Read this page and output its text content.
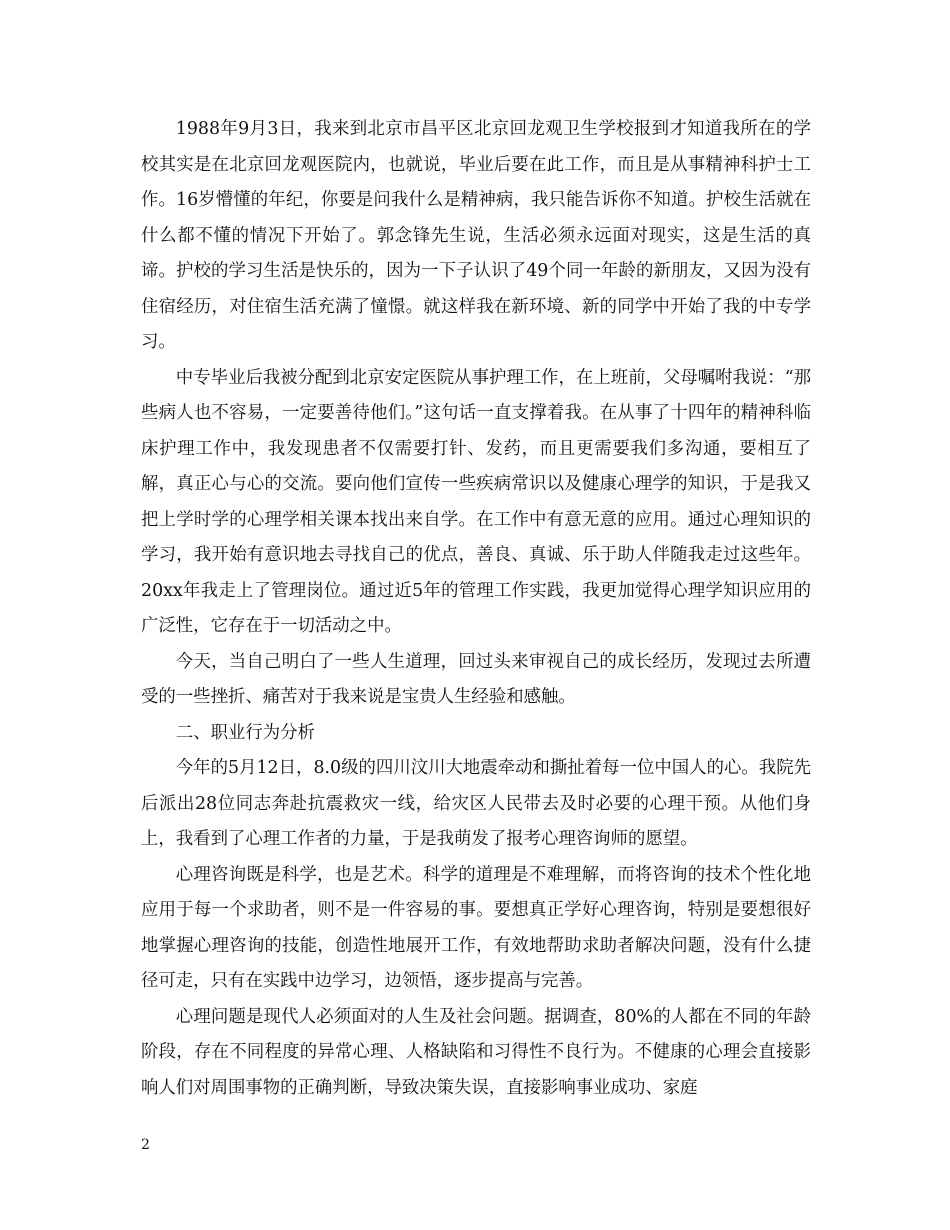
1988年9月3日，我来到北京市昌平区北京回龙观卫生学校报到才知道我所在的学校其实是在北京回龙观医院内，也就说，毕业后要在此工作，而且是从事精神科护士工作。16岁懵懂的年纪，你要是问我什么是精神病，我只能告诉你不知道。护校生活就在什么都不懂的情况下开始了。郭念锋先生说，生活必须永远面对现实，这是生活的真谛。护校的学习生活是快乐的，因为一下子认识了49个同一年龄的新朋友，又因为没有住宿经历，对住宿生活充满了憧憬。就这样我在新环境、新的同学中开始了我的中专学习。

中专毕业后我被分配到北京安定医院从事护理工作，在上班前，父母嘱咐我说：“那些病人也不容易，一定要善待他们。”这句话一直支撑着我。在从事了十四年的精神科临床护理工作中，我发现患者不仅需要打针、发药，而且更需要我们多沟通，要相互了解，真正心与心的交流。要向他们宣传一些疾病常识以及健康心理学的知识，于是我又把上学时学的心理学相关课本找出来自学。在工作中有意无意的应用。通过心理知识的学习，我开始有意识地去寻找自己的优点，善良、真诚、乐于助人伴随我走过这些年。20xx年我走上了管理岗位。通过近5年的管理工作实践，我更加觉得心理学知识应用的广泛性，它存在于一切活动之中。

今天，当自己明白了一些人生道理，回过头来审视自己的成长经历，发现过去所遭受的一些挫折、痛苦对于我来说是宝贵人生经验和感触。

二、职业行为分析

今年的5月12日，8.0级的四川汶川大地震牵动和撕扯着每一位中国人的心。我院先后派出28位同志奔赴抗震救灾一线，给灾区人民带去及时必要的心理干预。从他们身上，我看到了心理工作者的力量，于是我萌发了报考心理咨询师的愿望。

心理咨询既是科学，也是艺术。科学的道理是不难理解，而将咨询的技术个性化地应用于每一个求助者，则不是一件容易的事。要想真正学好心理咨询，特别是要想很好地掌握心理咨询的技能，创造性地展开工作，有效地帮助求助者解决问题，没有什么捷径可走，只有在实践中边学习，边领悟，逐步提高与完善。

心理问题是现代人必须面对的人生及社会问题。据调查，80%的人都在不同的年龄阶段，存在不同程度的异常心理、人格缺陷和习得性不良行为。不健康的心理会直接影响人们对周围事物的正确判断，导致决策失误，直接影响事业成功、家庭

2
